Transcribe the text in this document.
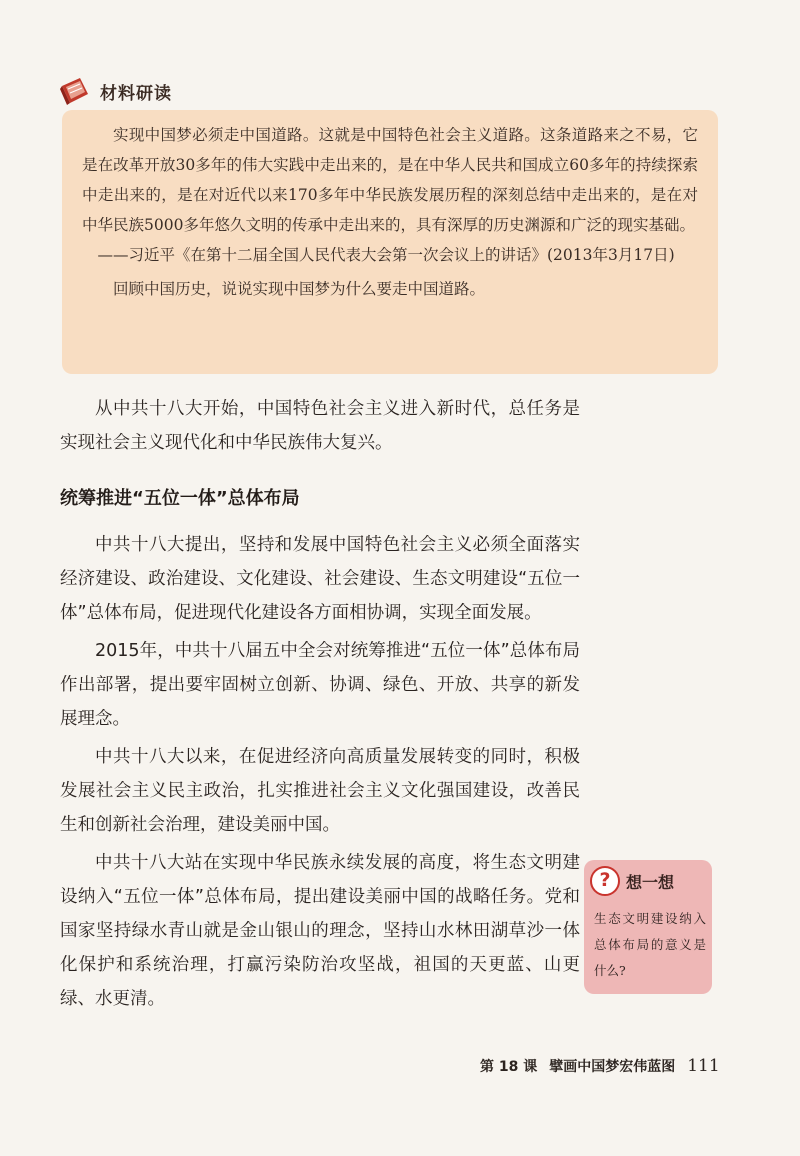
材料研读

实现中国梦必须走中国道路。这就是中国特色社会主义道路。这条道路来之不易，它是在改革开放30多年的伟大实践中走出来的，是在中华人民共和国成立60多年的持续探索中走出来的，是在对近代以来170多年中华民族发展历程的深刻总结中走出来的，是在对中华民族5000多年悠久文明的传承中走出来的，具有深厚的历史渊源和广泛的现实基础。

——习近平《在第十二届全国人民代表大会第一次会议上的讲话》(2013年3月17日)

回顾中国历史，说说实现中国梦为什么要走中国道路。

从中共十八大开始，中国特色社会主义进入新时代，总任务是实现社会主义现代化和中华民族伟大复兴。

统筹推进“五位一体”总体布局

中共十八大提出，坚持和发展中国特色社会主义必须全面落实经济建设、政治建设、文化建设、社会建设、生态文明建设“五位一体”总体布局，促进现代化建设各方面相协调，实现全面发展。

2015年，中共十八届五中全会对统筹推进“五位一体”总体布局作出部署，提出要牢固树立创新、协调、绿色、开放、共享的新发展理念。

中共十八大以来，在促进经济向高质量发展转变的同时，积极发展社会主义民主政治，扎实推进社会主义文化强国建设，改善民生和创新社会治理，建设美丽中国。

中共十八大站在实现中华民族永续发展的高度，将生态文明建设纳入“五位一体”总体布局，提出建设美丽中国的战略任务。党和国家坚持绿水青山就是金山银山的理念，坚持山水林田湖草沙一体化保护和系统治理，打赢污染防治攻坚战，祖国的天更蓝、山更绿、水更清。

? 想一想

生态文明建设纳入总体布局的意义是什么?

第 18 课 擘画中国梦宏伟蓝图 111
